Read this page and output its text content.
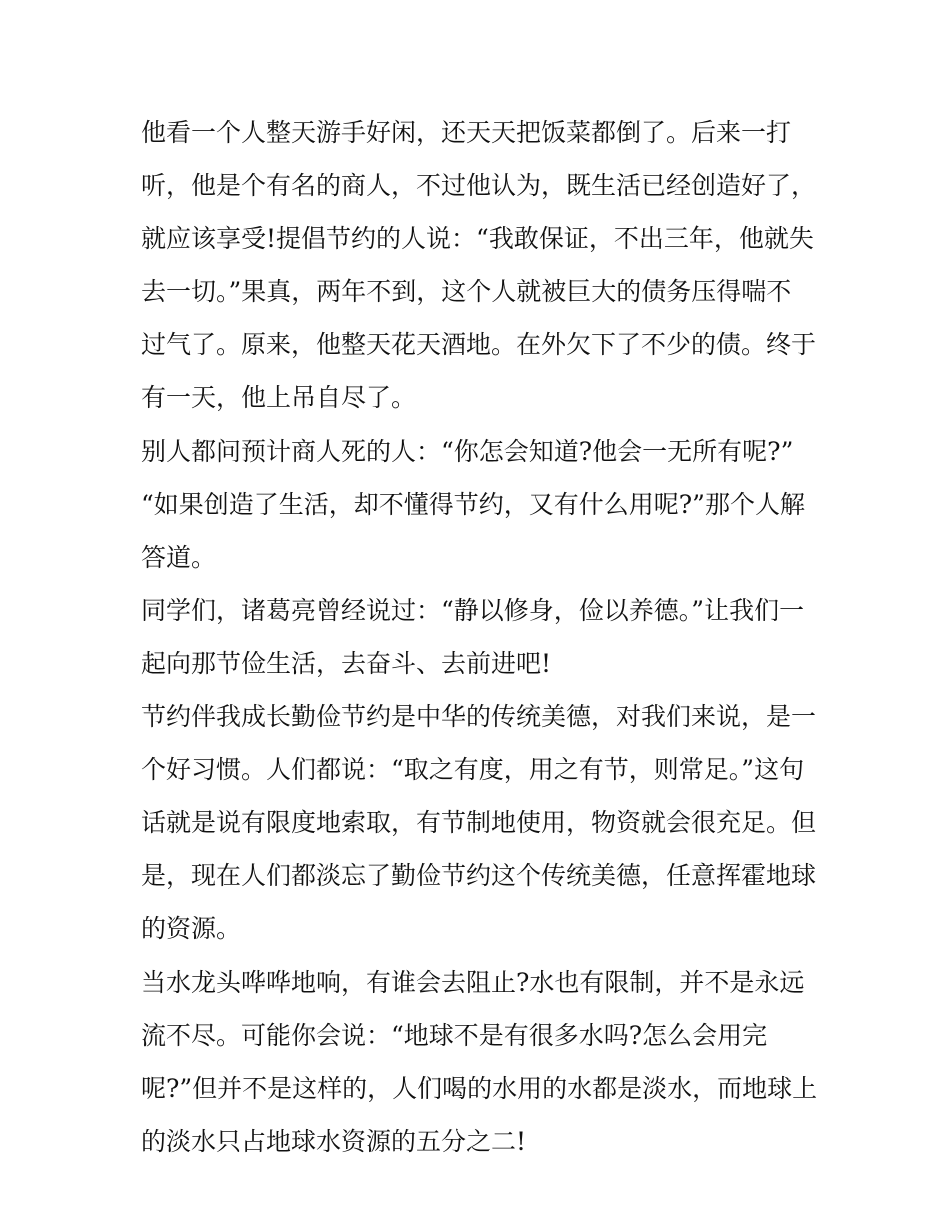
他看一个人整天游手好闲，还天天把饭菜都倒了。后来一打
听，他是个有名的商人，不过他认为，既生活已经创造好了，
就应该享受!提倡节约的人说：“我敢保证，不出三年，他就失
去一切。”果真，两年不到，这个人就被巨大的债务压得喘不
过气了。原来，他整天花天酒地。在外欠下了不少的债。终于
有一天，他上吊自尽了。
别人都问预计商人死的人：“你怎会知道?他会一无所有呢?”
“如果创造了生活，却不懂得节约，又有什么用呢?”那个人解
答道。
同学们，诸葛亮曾经说过：“静以修身，俭以养德。”让我们一
起向那节俭生活，去奋斗、去前进吧!
节约伴我成长勤俭节约是中华的传统美德，对我们来说，是一
个好习惯。人们都说：“取之有度，用之有节，则常足。”这句
话就是说有限度地索取，有节制地使用，物资就会很充足。但
是，现在人们都淡忘了勤俭节约这个传统美德，任意挥霍地球
的资源。
当水龙头哗哗地响，有谁会去阻止?水也有限制，并不是永远
流不尽。可能你会说：“地球不是有很多水吗?怎么会用完
呢?”但并不是这样的，人们喝的水用的水都是淡水，而地球上
的淡水只占地球水资源的五分之二!
